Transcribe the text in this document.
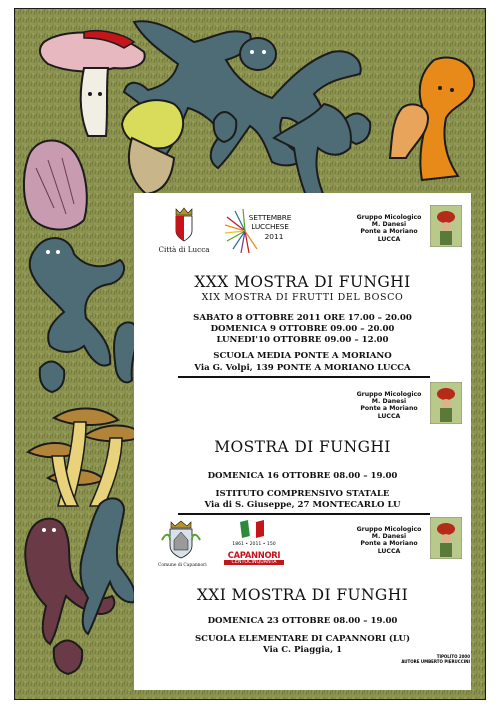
Città di Lucca
SETTEMBRE
LUCCHESE
2011
Gruppo Micologico
M. Danesi
Ponte a Moriano
LUCCA
XXX MOSTRA DI FUNGHI
XIX MOSTRA DI FRUTTI DEL BOSCO
SABATO 8 OTTOBRE 2011 ORE 17.00 – 20.00
DOMENICA 9 OTTOBRE 09.00 – 20.00
LUNEDI'10 OTTOBRE 09.00 – 12.00
SCUOLA MEDIA PONTE A MORIANO
Via G. Volpi, 139 PONTE A MORIANO LUCCA
Gruppo Micologico
M. Danesi
Ponte a Moriano
LUCCA
MOSTRA DI FUNGHI
DOMENICA 16 OTTOBRE 08.00 – 19.00
ISTITUTO COMPRENSIVO STATALE
Via di S. Giuseppe, 27 MONTECARLO LU
Comune di Capannori
1861 • 2011 • 150
CAPANNORI
CENTOCINQUANTA
Gruppo Micologico
M. Danesi
Ponte a Moriano
LUCCA
XXI MOSTRA DI FUNGHI
DOMENICA 23 OTTOBRE 08.00 – 19.00
SCUOLA ELEMENTARE DI CAPANNORI (LU)
Via C. Piaggia, 1
TIPOLITO 2000
AUTORE UMBERTO PIERUCCINI
